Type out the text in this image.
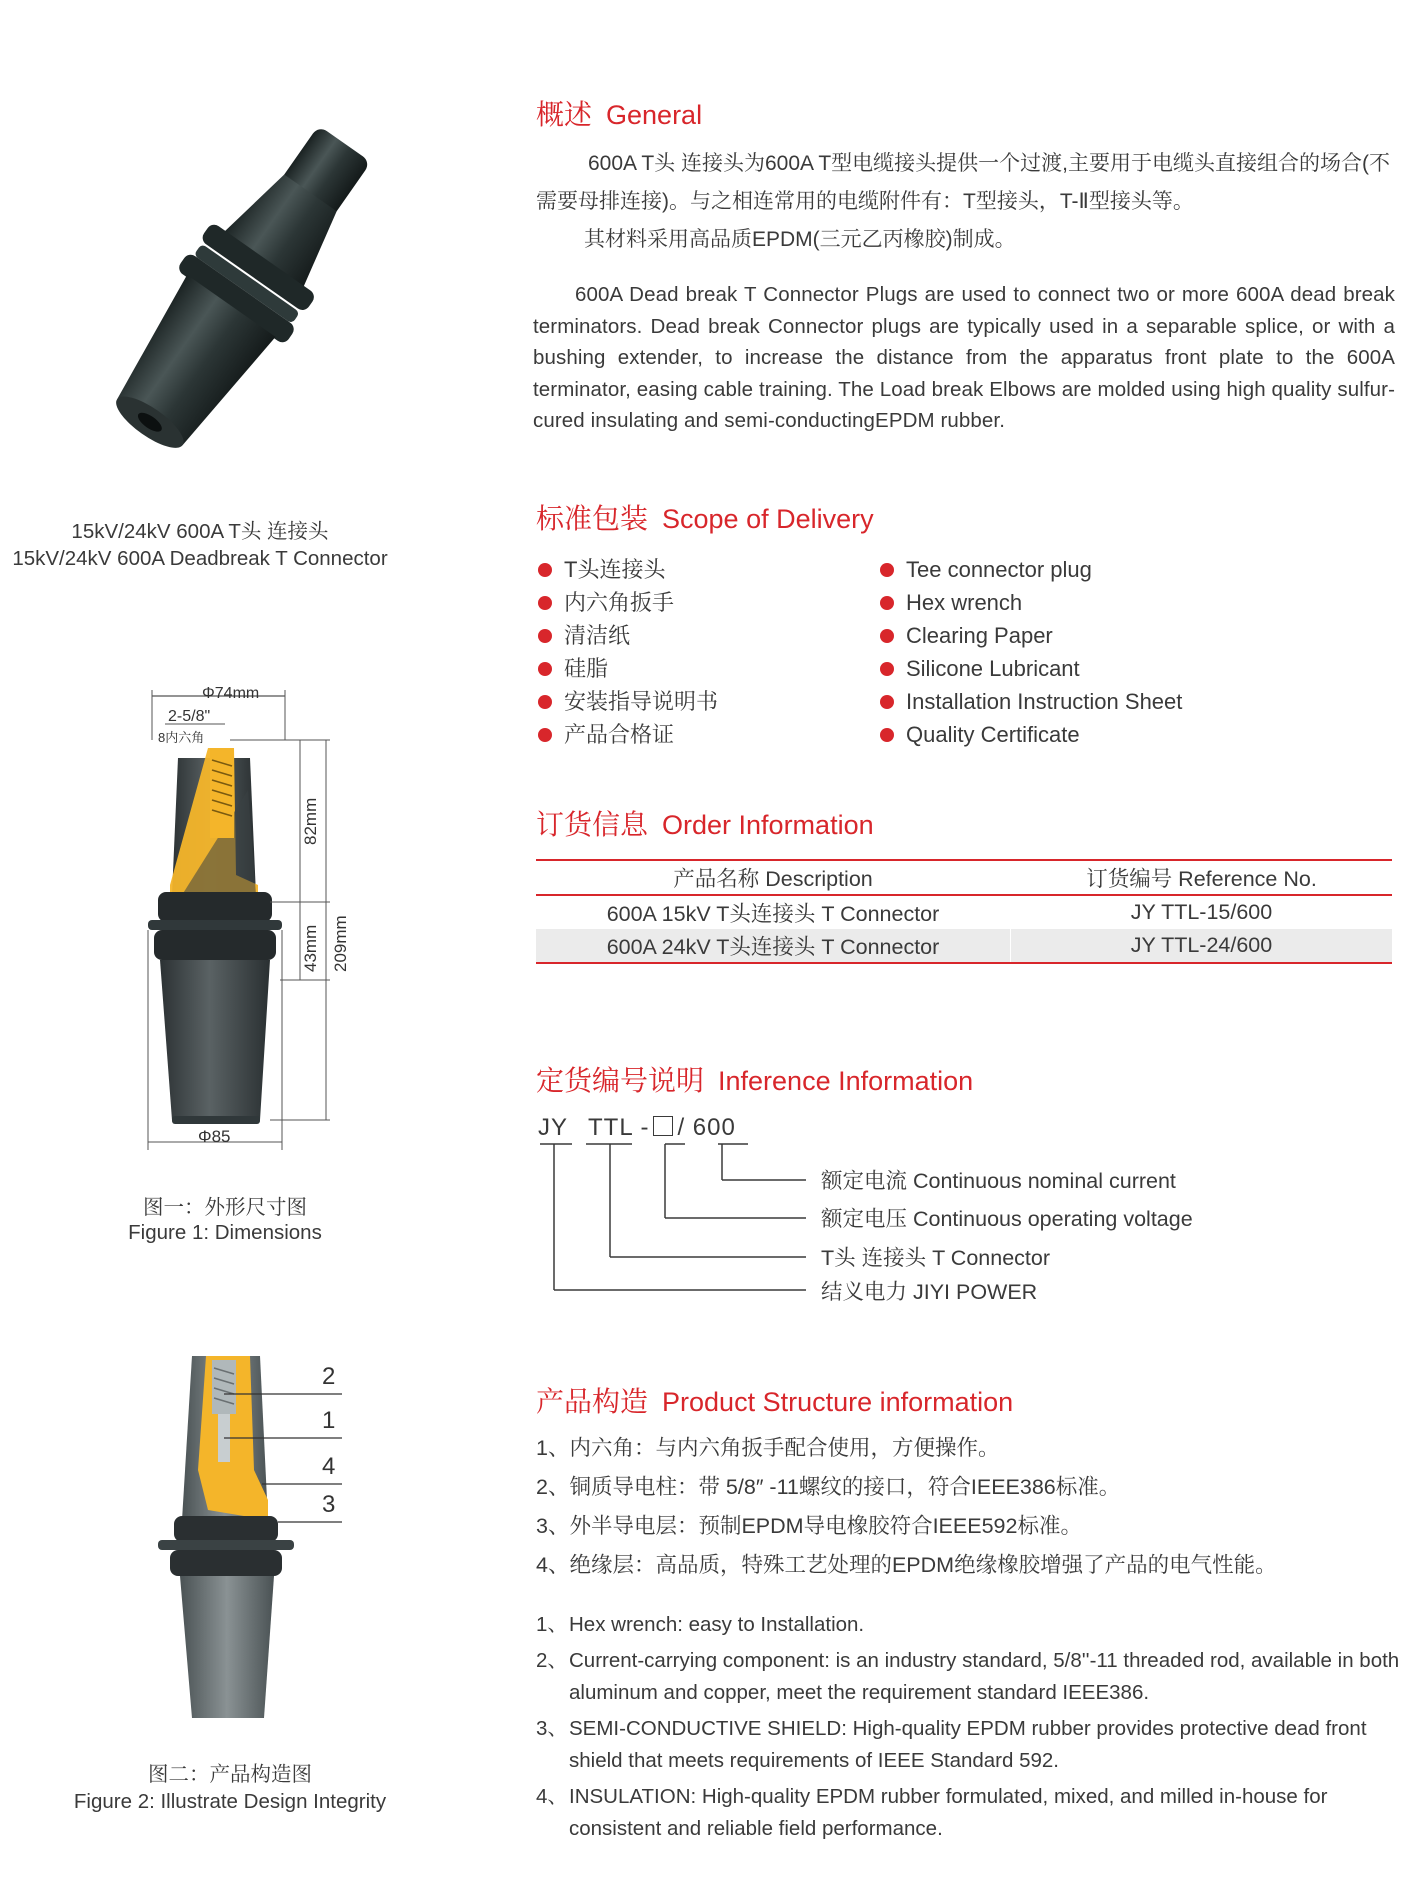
15kV/24kV 600A T头 连接头
15kV/24kV 600A Deadbreak T Connector
Φ74mm
2-5/8"
8内六角
82mm
43mm 209mm
Φ85
图一：外形尺寸图
Figure 1: Dimensions
2
1
4
3
图二：产品构造图
Figure 2: Illustrate Design Integrity
概述 General
600A T头 连接头为600A T型电缆接头提供一个过渡,主要用于电缆头直接组合的场合(不需要母排连接)。与之相连常用的电缆附件有：T型接头，T-Ⅱ型接头等。
其材料采用高品质EPDM(三元乙丙橡胶)制成。
600A Dead break T Connector Plugs are used to connect two or more 600A dead break terminators. Dead break Connector plugs are typically used in a separable splice, or with a bushing extender, to increase the distance from the apparatus front plate to the 600A terminator, easing cable training. The Load break Elbows are molded using high quality sulfur-cured insulating and semi-conductingEPDM rubber.
标准包装 Scope of Delivery
T头连接头
内六角扳手
清洁纸
硅脂
安装指导说明书
产品合格证
Tee connector plug
Hex wrench
Clearing Paper
Silicone Lubricant
Installation Instruction Sheet
Quality Certificate
订货信息 Order Information
产品名称 Description	订货编号 Reference No.
600A 15kV T头连接头 T Connector	JY TTL-15/600
600A 24kV T头连接头 T Connector	JY TTL-24/600
定货编号说明 Inference Information
JY TTL - / 600
额定电流 Continuous nominal current
额定电压 Continuous operating voltage
T头 连接头 T Connector
结义电力 JIYI POWER
产品构造 Product Structure information
1、内六角：与内六角扳手配合使用，方便操作。
2、铜质导电柱：带 5/8″ -11螺纹的接口，符合IEEE386标准。
3、外半导电层：预制EPDM导电橡胶符合IEEE592标准。
4、绝缘层：高品质，特殊工艺处理的EPDM绝缘橡胶增强了产品的电气性能。
1、 Hex wrench: easy to Installation.
2、 Current-carrying component: is an industry standard, 5/8''-11 threaded rod, available in both aluminum and copper, meet the requirement standard IEEE386.
3、 SEMI-CONDUCTIVE SHIELD: High-quality EPDM rubber provides protective dead front shield that meets requirements of IEEE Standard 592.
4、 INSULATION: High-quality EPDM rubber formulated, mixed, and milled in-house for consistent and reliable field performance.
